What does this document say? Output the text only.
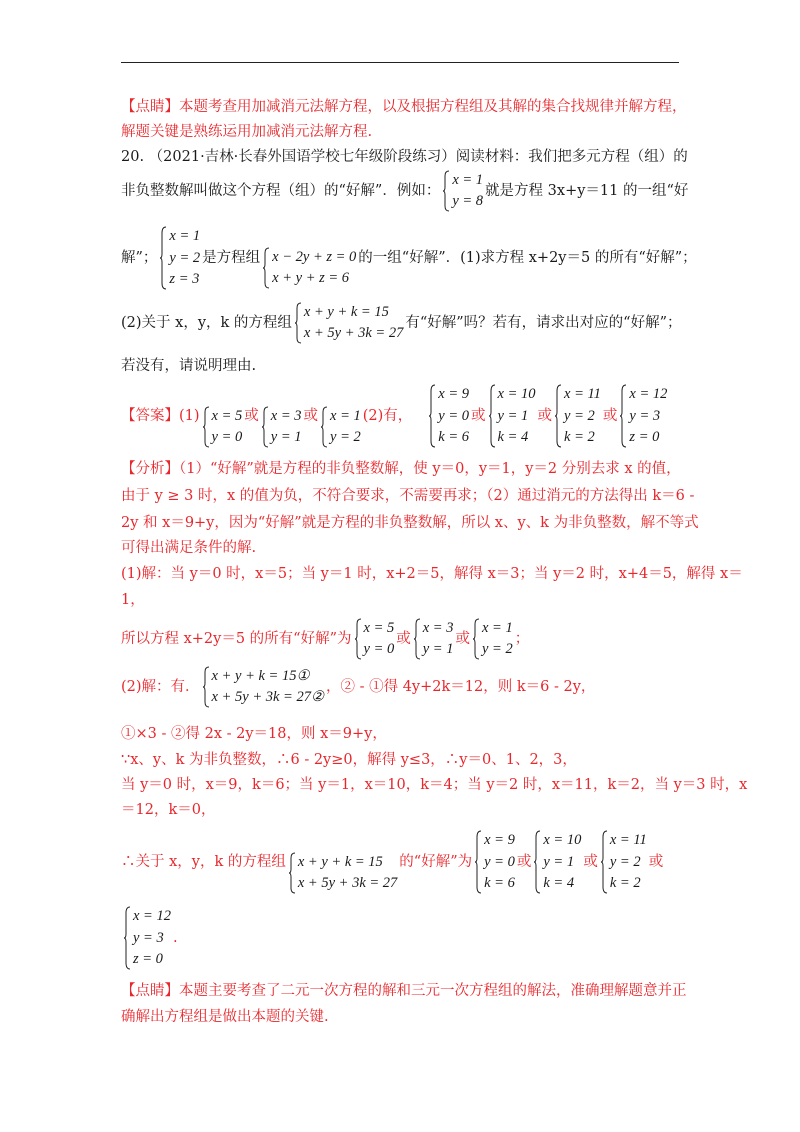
【点睛】本题考查用加减消元法解方程，以及根据方程组及其解的集合找规律并解方程，
解题关键是熟练运用加减消元法解方程.
20. （2021·吉林·长春外国语学校七年级阶段练习）阅读材料：我们把多元方程（组）的
非负整数解叫做这个方程（组）的“好解”．例如：
x = 1
y = 8
就是方程 3x+y＝11 的一组“好
解”；
x = 1
y = 2
z = 3
是方程组 x − 2y + z = 0
x + y + z = 6
的一组“好解”．(1)求方程 x+2y＝5 的所有“好解”；
(2)关于 x，y，k 的方程组
x + y + k = 15
x + 5y + 3k = 27
有“好解”吗？若有，请求出对应的“好解”；
若没有，请说明理由.
【答案】 (1) x = 5
y = 0
或 x = 3
y = 1
或 x = 1
y = 2
(2)有，
x = 9
y = 0
k = 6
或
x = 10
y = 1
k = 4
或
x = 11
y = 2
k = 2
或
x = 12
y = 3
z = 0
【分析】（1）“好解”就是方程的非负整数解，使 y＝0，y＝1，y＝2 分别去求 x 的值，
由于 y ≥ 3 时，x 的值为负，不符合要求，不需要再求；（2）通过消元的方法得出 k＝6 -
2y 和 x＝9+y，因为“好解”就是方程的非负整数解，所以 x、y、k 为非负整数，解不等式
可得出满足条件的解.
(1)解：当 y＝0 时，x＝5；当 y＝1 时，x+2＝5，解得 x＝3；当 y＝2 时，x+4＝5，解得 x＝
1，
所以方程 x+2y＝5 的所有“好解”为
x = 5
y = 0
或
x = 3
y = 1
或
x = 1
y = 2
；
(2)解：有．
x + y + k = 15①
x + 5y + 3k = 27②
，② - ①得 4y+2k＝12，则 k＝6 - 2y，
①×3 - ②得 2x - 2y＝18，则 x＝9+y，
∵x、y、k 为非负整数，∴6 - 2y≥0，解得 y≤3，∴y＝0、1、2，3，
当 y＝0 时，x＝9，k＝6；当 y＝1，x＝10，k＝4；当 y＝2 时，x＝11，k＝2，当 y＝3 时，x
＝12，k＝0，
∴关于 x，y，k 的方程组 x + y + k = 15
x + 5y + 3k = 27
的“好解”为
x = 9
y = 0
k = 6
或
x = 10
y = 1
k = 4
或
x = 11
y = 2
k = 2
或
x = 12
y = 3
z = 0
.
【点睛】本题主要考查了二元一次方程的解和三元一次方程组的解法，准确理解题意并正
确解出方程组是做出本题的关键.
